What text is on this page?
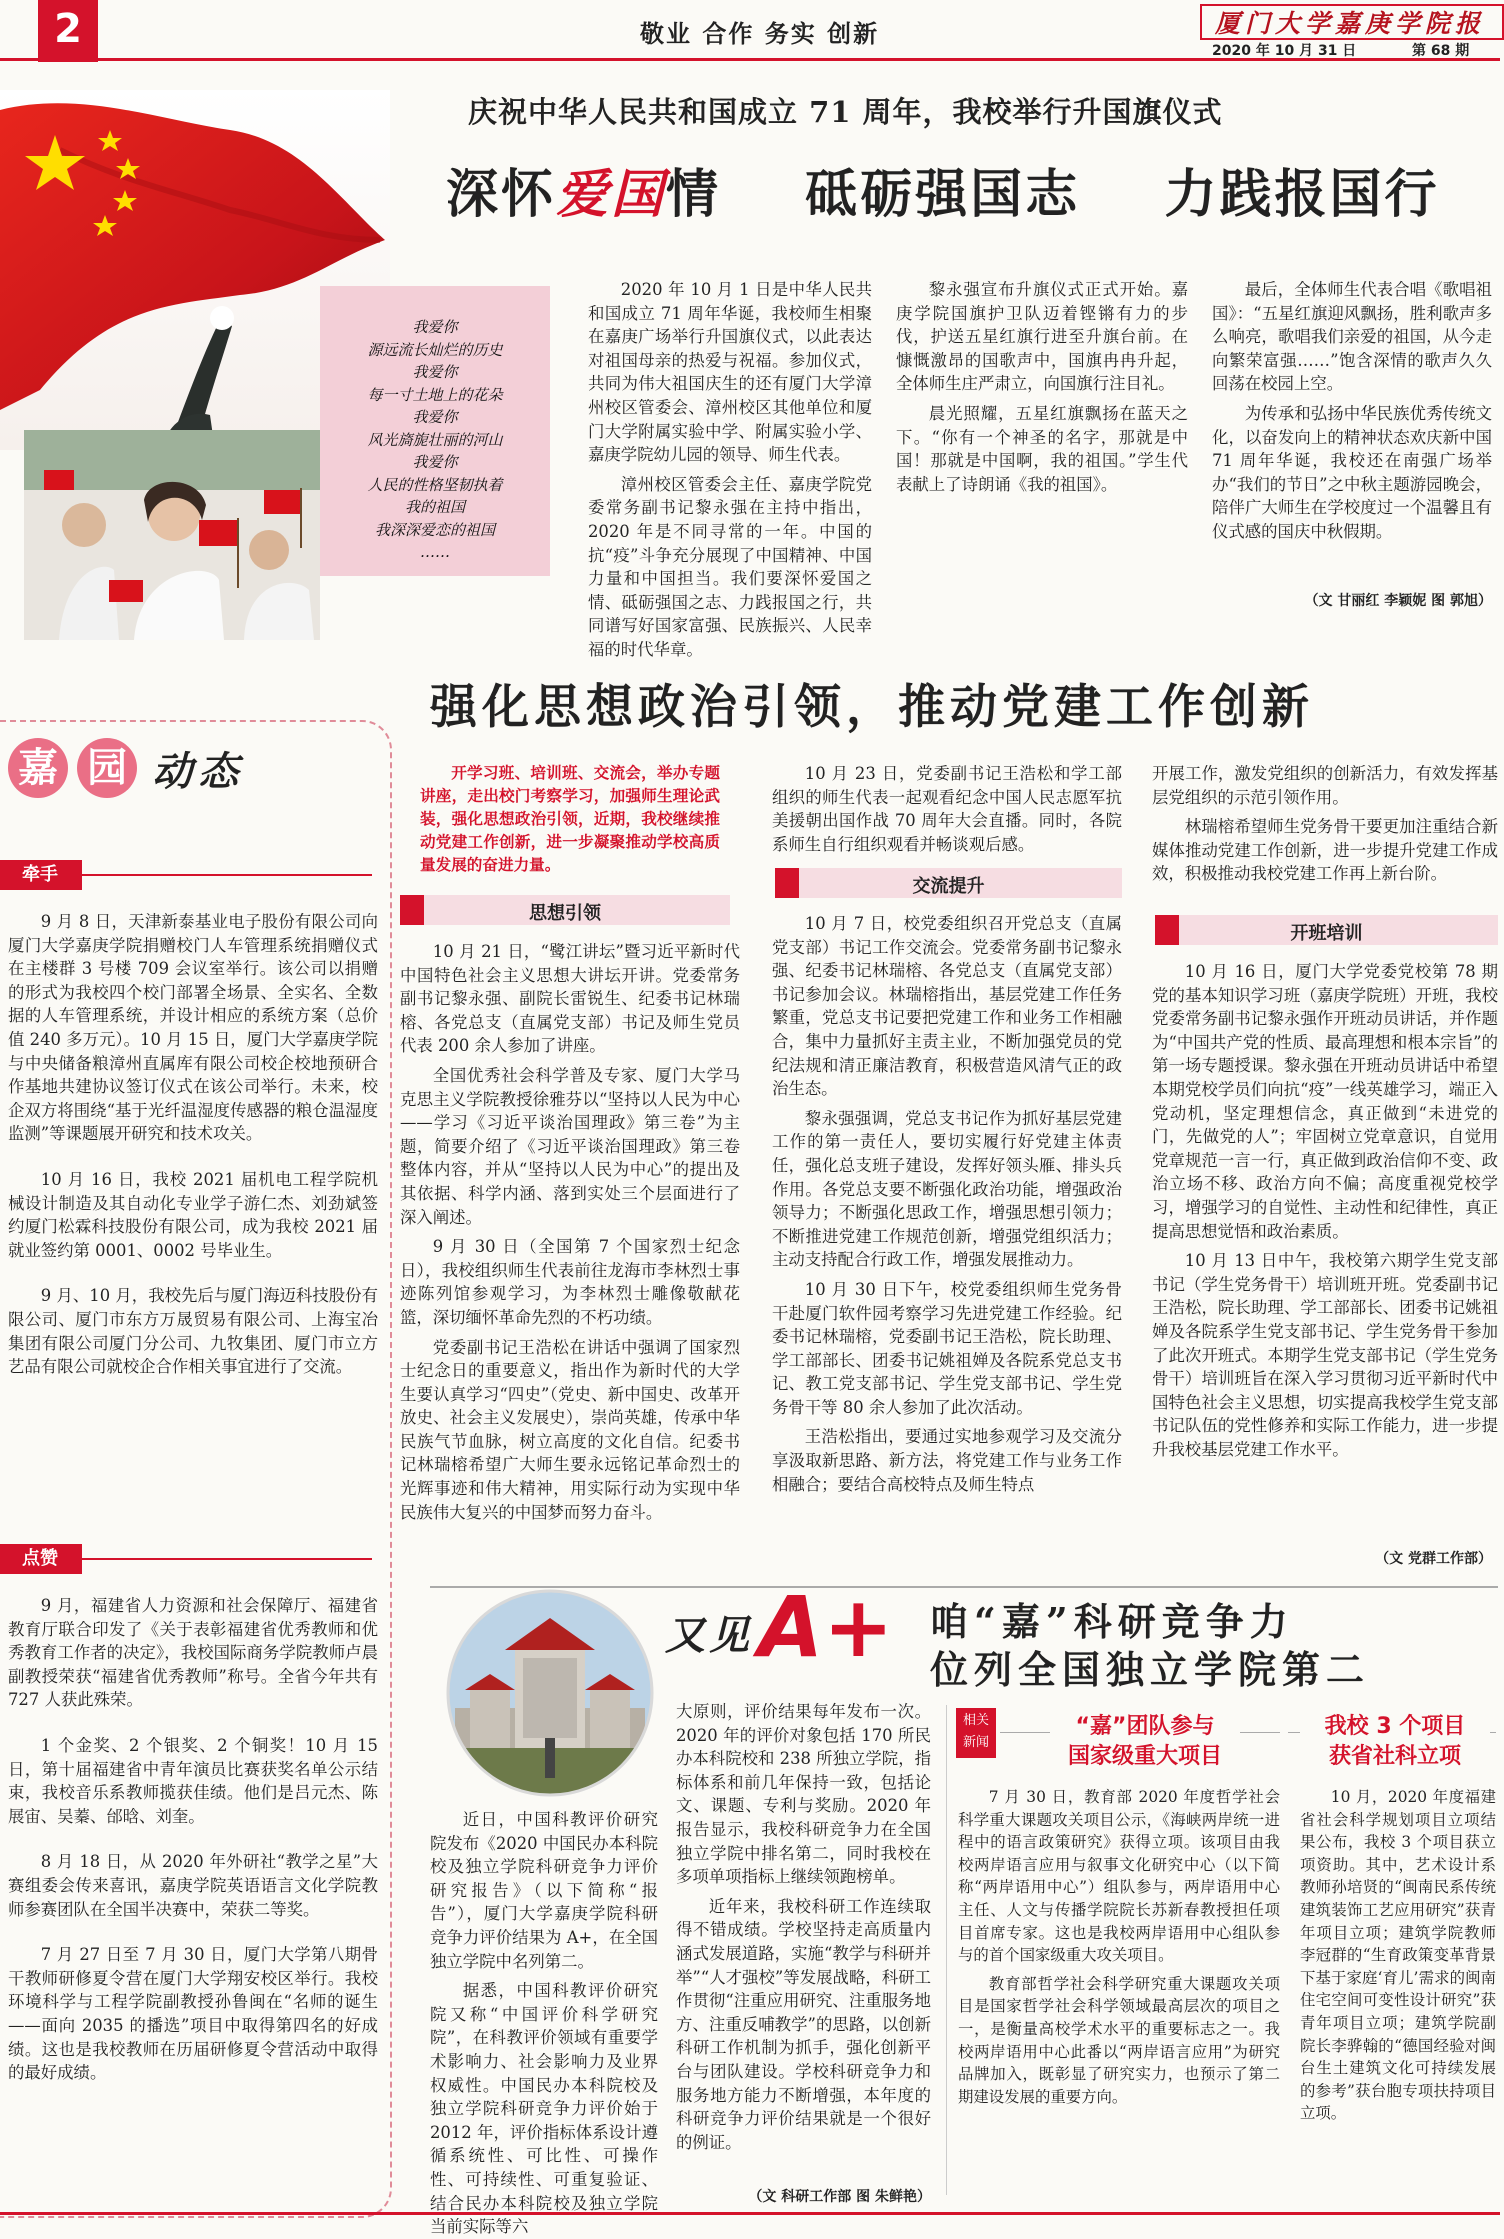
2	敬业 合作 务实 创新	厦门大学嘉庚学院报
2020 年 10 月 31 日	第 68 期
我爱你
源远流长灿烂的历史
我爱你
每一寸土地上的花朵
我爱你
风光旖旎壮丽的河山
我爱你
人民的性格坚韧执着
我的祖国
我深深爱恋的祖国
……
庆祝中华人民共和国成立 71 周年，我校举行升国旗仪式
深怀爱国情 砥砺强国志 力践报国行

2020 年 10 月 1 日是中华人民共和国成立 71 周年华诞，我校师生相聚在嘉庚广场举行升国旗仪式，以此表达对祖国母亲的热爱与祝福。参加仪式，共同为伟大祖国庆生的还有厦门大学漳州校区管委会、漳州校区其他单位和厦门大学附属实验中学、附属实验小学、嘉庚学院幼儿园的领导、师生代表。

漳州校区管委会主任、嘉庚学院党委常务副书记黎永强在主持中指出，2020 年是不同寻常的一年。中国的抗“疫”斗争充分展现了中国精神、中国力量和中国担当。我们要深怀爱国之情、砥砺强国之志、力践报国之行，共同谱写好国家富强、民族振兴、人民幸福的时代华章。

黎永强宣布升旗仪式正式开始。嘉庚学院国旗护卫队迈着铿锵有力的步伐，护送五星红旗行进至升旗台前。在慷慨激昂的国歌声中，国旗冉冉升起，全体师生庄严肃立，向国旗行注目礼。

晨光照耀，五星红旗飘扬在蓝天之下。“你有一个神圣的名字，那就是中国！那就是中国啊，我的祖国。”学生代表献上了诗朗诵《我的祖国》。

最后，全体师生代表合唱《歌唱祖国》：“五星红旗迎风飘扬，胜利歌声多么响亮，歌唱我们亲爱的祖国，从今走向繁荣富强……”饱含深情的歌声久久回荡在校园上空。

为传承和弘扬中华民族优秀传统文化，以奋发向上的精神状态欢庆新中国 71 周年华诞，我校还在南强广场举办“我们的节日”之中秋主题游园晚会，陪伴广大师生在学校度过一个温馨且有仪式感的国庆中秋假期。

（文 甘丽红 李颖妮 图 郭旭）
嘉 园 动态
牵手

9 月 8 日，天津新泰基业电子股份有限公司向厦门大学嘉庚学院捐赠校门人车管理系统捐赠仪式在主楼群 3 号楼 709 会议室举行。该公司以捐赠的形式为我校四个校门部署全场景、全实名、全数据的人车管理系统，并设计相应的系统方案（总价值 240 多万元）。10 月 15 日，厦门大学嘉庚学院与中央储备粮漳州直属库有限公司校企校地预研合作基地共建协议签订仪式在该公司举行。未来，校企双方将围绕“基于光纤温湿度传感器的粮仓温湿度监测”等课题展开研究和技术攻关。

10 月 16 日，我校 2021 届机电工程学院机械设计制造及其自动化专业学子游仁杰、刘劲斌签约厦门松霖科技股份有限公司，成为我校 2021 届就业签约第 0001、0002 号毕业生。

9 月、10 月，我校先后与厦门海迈科技股份有限公司、厦门市东方万晟贸易有限公司、上海宝冶集团有限公司厦门分公司、九牧集团、厦门市立方艺品有限公司就校企合作相关事宜进行了交流。

点赞

9 月，福建省人力资源和社会保障厅、福建省教育厅联合印发了《关于表彰福建省优秀教师和优秀教育工作者的决定》，我校国际商务学院教师卢晨副教授荣获“福建省优秀教师”称号。全省今年共有 727 人获此殊荣。

1 个金奖、2 个银奖、2 个铜奖！10 月 15 日，第十届福建省中青年演员比赛获奖名单公示结束，我校音乐系教师揽获佳绩。他们是吕元杰、陈展宙、吴蓁、邰晗、刘奎。

8 月 18 日，从 2020 年外研社“教学之星”大赛组委会传来喜讯，嘉庚学院英语语言文化学院教师参赛团队在全国半决赛中，荣获二等奖。

7 月 27 日至 7 月 30 日，厦门大学第八期骨干教师研修夏令营在厦门大学翔安校区举行。我校环境科学与工程学院副教授孙鲁闽在“名师的诞生——面向 2035 的播选”项目中取得第四名的好成绩。这也是我校教师在历届研修夏令营活动中取得的最好成绩。

强化思想政治引领，推动党建工作创新

开学习班、培训班、交流会，举办专题讲座，走出校门考察学习，加强师生理论武装，强化思想政治引领，近期，我校继续推动党建工作创新，进一步凝聚推动学校高质量发展的奋进力量。

思想引领

10 月 21 日，“鹭江讲坛”暨习近平新时代中国特色社会主义思想大讲坛开讲。党委常务副书记黎永强、副院长雷锐生、纪委书记林瑞榕、各党总支（直属党支部）书记及师生党员代表 200 余人参加了讲座。

全国优秀社会科学普及专家、厦门大学马克思主义学院教授徐雅芬以“坚持以人民为中心——学习《习近平谈治国理政》第三卷”为主题，简要介绍了《习近平谈治国理政》第三卷整体内容，并从“坚持以人民为中心”的提出及其依据、科学内涵、落到实处三个层面进行了深入阐述。

9 月 30 日（全国第 7 个国家烈士纪念日），我校组织师生代表前往龙海市李林烈士事迹陈列馆参观学习，为李林烈士雕像敬献花篮，深切缅怀革命先烈的不朽功绩。

党委副书记王浩松在讲话中强调了国家烈士纪念日的重要意义，指出作为新时代的大学生要认真学习“四史”（党史、新中国史、改革开放史、社会主义发展史），崇尚英雄，传承中华民族气节血脉，树立高度的文化自信。纪委书记林瑞榕希望广大师生要永远铭记革命烈士的光辉事迹和伟大精神，用实际行动为实现中华民族伟大复兴的中国梦而努力奋斗。

10 月 23 日，党委副书记王浩松和学工部组织的师生代表一起观看纪念中国人民志愿军抗美援朝出国作战 70 周年大会直播。同时，各院系师生自行组织观看并畅谈观后感。

交流提升

10 月 7 日，校党委组织召开党总支（直属党支部）书记工作交流会。党委常务副书记黎永强、纪委书记林瑞榕、各党总支（直属党支部）书记参加会议。林瑞榕指出，基层党建工作任务繁重，党总支书记要把党建工作和业务工作相融合，集中力量抓好主责主业，不断加强党员的党纪法规和清正廉洁教育，积极营造风清气正的政治生态。

黎永强强调，党总支书记作为抓好基层党建工作的第一责任人，要切实履行好党建主体责任，强化总支班子建设，发挥好领头雁、排头兵作用。各党总支要不断强化政治功能，增强政治领导力；不断强化思政工作，增强思想引领力；不断推进党建工作规范创新，增强党组织活力；主动支持配合行政工作，增强发展推动力。

10 月 30 日下午，校党委组织师生党务骨干赴厦门软件园考察学习先进党建工作经验。纪委书记林瑞榕，党委副书记王浩松，院长助理、学工部部长、团委书记姚祖婵及各院系党总支书记、教工党支部书记、学生党支部书记、学生党务骨干等 80 余人参加了此次活动。

王浩松指出，要通过实地参观学习及交流分享汲取新思路、新方法，将党建工作与业务工作相融合；要结合高校特点及师生特点

开展工作，激发党组织的创新活力，有效发挥基层党组织的示范引领作用。

林瑞榕希望师生党务骨干要更加注重结合新媒体推动党建工作创新，进一步提升党建工作成效，积极推动我校党建工作再上新台阶。

开班培训

10 月 16 日，厦门大学党委党校第 78 期党的基本知识学习班（嘉庚学院班）开班，我校党委常务副书记黎永强作开班动员讲话，并作题为“中国共产党的性质、最高理想和根本宗旨”的第一场专题授课。黎永强在开班动员讲话中希望本期党校学员们向抗“疫”一线英雄学习，端正入党动机，坚定理想信念，真正做到“未进党的门，先做党的人”；牢固树立党章意识，自觉用党章规范一言一行，真正做到政治信仰不变、政治立场不移、政治方向不偏；高度重视党校学习，增强学习的自觉性、主动性和纪律性，真正提高思想觉悟和政治素质。

10 月 13 日中午，我校第六期学生党支部书记（学生党务骨干）培训班开班。党委副书记王浩松，院长助理、学工部部长、团委书记姚祖婵及各院系学生党支部书记、学生党务骨干参加了此次开班式。本期学生党支部书记（学生党务骨干）培训班旨在深入学习贯彻习近平新时代中国特色社会主义思想，切实提高我校学生党支部书记队伍的党性修养和实际工作能力，进一步提升我校基层党建工作水平。

（文 党群工作部）
又见 A+ 咱“嘉”科研竞争力
位列全国独立学院第二

近日，中国科教评价研究院发布《2020 中国民办本科院校及独立学院科研竞争力评价研究报告》（以下简称“报告”），厦门大学嘉庚学院科研竞争力评价结果为 A+，在全国独立学院中名列第二。

据悉，中国科教评价研究院又称“中国评价科学研究院”，在科教评价领域有重要学术影响力、社会影响力及业界权威性。中国民办本科院校及独立学院科研竞争力评价始于 2012 年，评价指标体系设计遵循系统性、可比性、可操作性、可持续性、可重复验证、结合民办本科院校及独立学院当前实际等六

大原则，评价结果每年发布一次。2020 年的评价对象包括 170 所民办本科院校和 238 所独立学院，指标体系和前几年保持一致，包括论文、课题、专利与奖励。2020 年报告显示，我校科研竞争力在全国独立学院中排名第二，同时我校在多项单项指标上继续领跑榜单。

近年来，我校科研工作连续取得不错成绩。学校坚持走高质量内涵式发展道路，实施“教学与科研并举”“人才强校”等发展战略，科研工作贯彻“注重应用研究、注重服务地方、注重反哺教学”的思路，以创新科研工作机制为抓手，强化创新平台与团队建设。学校科研竞争力和服务地方能力不断增强，本年度的科研竞争力评价结果就是一个很好的例证。

（文 科研工作部 图 朱鲜艳）
相关
新闻
“嘉”团队参与
国家级重大项目

7 月 30 日，教育部 2020 年度哲学社会科学重大课题攻关项目公示，《海峡两岸统一进程中的语言政策研究》获得立项。该项目由我校两岸语言应用与叙事文化研究中心（以下简称“两岸语用中心”）组队参与，两岸语用中心主任、人文与传播学院院长苏新春教授担任项目首席专家。这也是我校两岸语用中心组队参与的首个国家级重大攻关项目。

教育部哲学社会科学研究重大课题攻关项目是国家哲学社会科学领域最高层次的项目之一，是衡量高校学术水平的重要标志之一。我校两岸语用中心此番以“两岸语言应用”为研究品牌加入，既彰显了研究实力，也预示了第二期建设发展的重要方向。

我校 3 个项目
获省社科立项

10 月，2020 年度福建省社会科学规划项目立项结果公布，我校 3 个项目获立项资助。其中，艺术设计系教师孙培贤的“闽南民系传统建筑装饰工艺应用研究”获青年项目立项；建筑学院教师李冠群的“生育政策变革背景下基于家庭‘育儿’需求的闽南住宅空间可变性设计研究”获青年项目立项；建筑学院副院长李骅翰的“德国经验对闽台生土建筑文化可持续发展的参考”获台胞专项扶持项目立项。
